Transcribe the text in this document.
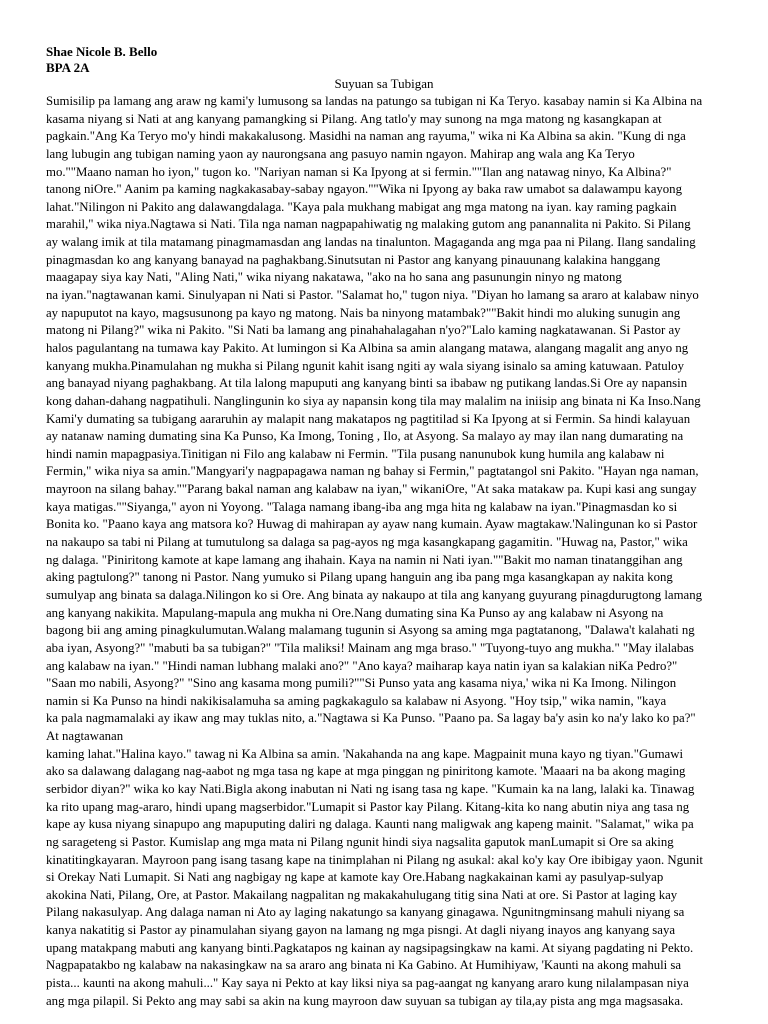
Shae Nicole B. Bello

BPA 2A

Suyuan sa Tubigan

Sumisilip pa lamang ang araw ng kami'y lumusong sa landas na patungo sa tubigan ni Ka Teryo. kasabay namin si Ka Albina na

kasama niyang si Nati at ang kanyang pamangking si Pilang. Ang tatlo'y may sunong na mga matong ng kasangkapan at

pagkain."Ang Ka Teryo mo'y hindi makakalusong. Masidhi na naman ang rayuma," wika ni Ka Albina sa akin. "Kung di nga

lang lubugin ang tubigan naming yaon ay naurongsana ang pasuyo namin ngayon. Mahirap ang wala ang Ka Teryo

mo.""Maano naman ho iyon," tugon ko. "Nariyan naman si Ka Ipyong at si fermin.""Ilan ang natawag ninyo, Ka Albina?"

tanong niOre." Aanim pa kaming nagkakasabay-sabay ngayon.""Wika ni Ipyong ay baka raw umabot sa dalawampu kayong

lahat."Nilingon ni Pakito ang dalawangdalaga. "Kaya pala mukhang mabigat ang mga matong na iyan. kay raming pagkain

marahil," wika niya.Nagtawa si Nati. Tila nga naman nagpapahiwatig ng malaking gutom ang panannalita ni Pakito. Si Pilang

ay walang imik at tila matamang pinagmamasdan ang landas na tinalunton. Magaganda ang mga paa ni Pilang. Ilang sandaling

pinagmasdan ko ang kanyang banayad na paghakbang.Sinutsutan ni Pastor ang kanyang pinauunang kalakina hanggang

maagapay siya kay Nati, "Aling Nati," wika niyang nakatawa, "ako na ho sana ang pasunungin ninyo ng matong

na iyan."nagtawanan kami. Sinulyapan ni Nati si Pastor. "Salamat ho," tugon niya. "Diyan ho lamang sa araro at kalabaw ninyo

ay napuputot na kayo, magsusunong pa kayo ng matong. Nais ba ninyong matambak?""Bakit hindi mo aluking sunugin ang

matong ni Pilang?" wika ni Pakito. "Si Nati ba lamang ang pinahahalagahan n'yo?"Lalo kaming nagkatawanan. Si Pastor ay

halos pagulantang na tumawa kay Pakito. At lumingon si Ka Albina sa amin alangang matawa, alangang magalit ang anyo ng

kanyang mukha.Pinamulahan ng mukha si Pilang ngunit kahit isang ngiti ay wala siyang isinalo sa aming katuwaan. Patuloy

ang banayad niyang paghakbang. At tila lalong mapuputi ang kanyang binti sa ibabaw ng putikang landas.Si Ore ay napansin

kong dahan-dahang nagpatihuli. Nanglingunin ko siya ay napansin kong tila may malalim na iniisip ang binata ni Ka Inso.Nang

Kami'y dumating sa tubigang aararuhin ay malapit nang makatapos ng pagtitilad si Ka Ipyong at si Fermin. Sa hindi kalayuan

ay natanaw naming dumating sina Ka Punso, Ka Imong, Toning , Ilo, at Asyong. Sa malayo ay may ilan nang dumarating na

hindi namin mapagpasiya.Tinitigan ni Filo ang kalabaw ni Fermin. "Tila pusang nanunubok kung humila ang kalabaw ni

Fermin," wika niya sa amin."Mangyari'y nagpapagawa naman ng bahay si Fermin," pagtatangol sni Pakito. "Hayan nga naman,

mayroon na silang bahay.""Parang bakal naman ang kalabaw na iyan," wikaniOre, "At saka matakaw pa. Kupi kasi ang sungay

kaya matigas.""Siyanga," ayon ni Yoyong. "Talaga namang ibang-iba ang mga hita ng kalabaw na iyan."Pinagmasdan ko si

Bonita ko. "Paano kaya ang matsora ko? Huwag di mahirapan ay ayaw nang kumain. Ayaw magtakaw.'Nalingunan ko si Pastor

na nakaupo sa tabi ni Pilang at tumutulong sa dalaga sa pag-ayos ng mga kasangkapang gagamitin. "Huwag na, Pastor," wika

ng dalaga. "Piniritong kamote at kape lamang ang ihahain. Kaya na namin ni Nati iyan.""Bakit mo naman tinatanggihan ang

aking pagtulong?" tanong ni Pastor. Nang yumuko si Pilang upang hanguin ang iba pang mga kasangkapan ay nakita kong

sumulyap ang binata sa dalaga.Nilingon ko si Ore. Ang binata ay nakaupo at tila ang kanyang guyurang pinagdurugtong lamang

ang kanyang nakikita. Mapulang-mapula ang mukha ni Ore.Nang dumating sina Ka Punso ay ang kalabaw ni Asyong na

bagong bii ang aming pinagkulumutan.Walang malamang tugunin si Asyong sa aming mga pagtatanong, "Dalawa't kalahati ng

aba iyan, Asyong?" "mabuti ba sa tubigan?" "Tila maliksi! Mainam ang mga braso." "Tuyong-tuyo ang mukha." "May ilalabas

ang kalabaw na iyan." "Hindi naman lubhang malaki ano?" "Ano kaya? maiharap kaya natin iyan sa kalakian niKa Pedro?"

"Saan mo nabili, Asyong?" "Sino ang kasama mong pumili?""Si Punso yata ang kasama niya,' wika ni Ka Imong. Nilingon

namin si Ka Punso na hindi nakikisalamuha sa aming pagkakagulo sa kalabaw ni Asyong. "Hoy tsip," wika namin, "kaya

ka pala nagmamalaki ay ikaw ang may tuklas nito, a."Nagtawa si Ka Punso. "Paano pa. Sa lagay ba'y asin ko na'y lako ko pa?"

At nagtawanan

kaming lahat."Halina kayo." tawag ni Ka Albina sa amin. 'Nakahanda na ang kape. Magpainit muna kayo ng tiyan."Gumawi

ako sa dalawang dalagang nag-aabot ng mga tasa ng kape at mga pinggan ng piniritong kamote. 'Maaari na ba akong maging

serbidor diyan?" wika ko kay Nati.Bigla akong inabutan ni Nati ng isang tasa ng kape. "Kumain ka na lang, lalaki ka. Tinawag

ka rito upang mag-araro, hindi upang magserbidor."Lumapit si Pastor kay Pilang. Kitang-kita ko nang abutin niya ang tasa ng

kape ay kusa niyang sinapupo ang mapuputing daliri ng dalaga. Kaunti nang maligwak ang kapeng mainit. "Salamat," wika pa

ng sarageteng si Pastor. Kumislap ang mga mata ni Pilang ngunit hindi siya nagsalita gaputok manLumapit si Ore sa aking

kinatitingkayaran. Mayroon pang isang tasang kape na tinimplahan ni Pilang ng asukal: akal ko'y kay Ore ibibigay yaon. Ngunit

si Orekay Nati Lumapit. Si Nati ang nagbigay ng kape at kamote kay Ore.Habang nagkakainan kami ay pasulyap-sulyap

akokina Nati, Pilang, Ore, at Pastor. Makailang nagpalitan ng makakahulugang titig sina Nati at ore. Si Pastor at laging kay

Pilang nakasulyap. Ang dalaga naman ni Ato ay laging nakatungo sa kanyang ginagawa. Ngunitngminsang mahuli niyang sa

kanya nakatitig si Pastor ay pinamulahan siyang gayon na lamang ng mga pisngi. At dagli niyang inayos ang kanyang saya

upang matakpang mabuti ang kanyang binti.Pagkatapos ng kainan ay nagsipagsingkaw na kami. At siyang pagdating ni Pekto.

Nagpapatakbo ng kalabaw na nakasingkaw na sa araro ang binata ni Ka Gabino. At Humihiyaw, 'Kaunti na akong mahuli sa

pista... kaunti na akong mahuli..." Kay saya ni Pekto at kay liksi niya sa pag-aangat ng kanyang araro kung nilalampasan niya

ang mga pilapil. Si Pekto ang may sabi sa akin na kung mayroon daw suyuan sa tubigan ay tila,ay pista ang mga magsasaka.
